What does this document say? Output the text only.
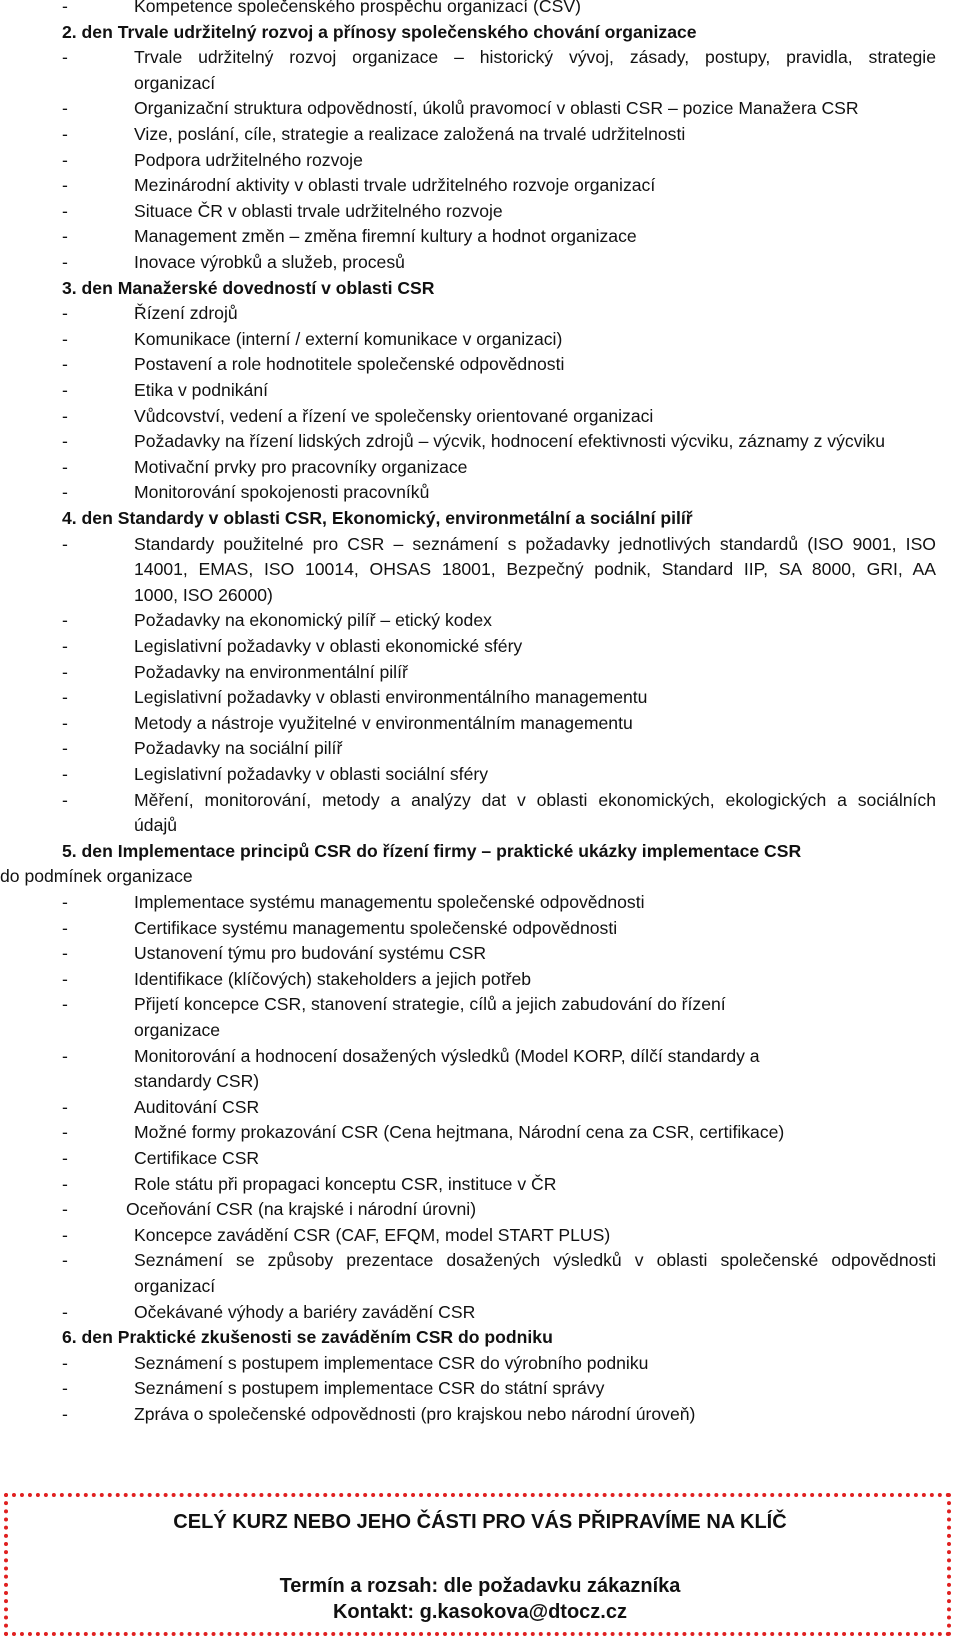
-	Kompetence společenského prospěchu organizací (CSV)
2. den Trvale udržitelný rozvoj a přínosy společenského chování organizace
-	Trvale udržitelný rozvoj organizace – historický vývoj, zásady, postupy, pravidla, strategie
organizací
-	Organizační struktura odpovědností, úkolů pravomocí v oblasti CSR – pozice Manažera CSR
-	Vize, poslání, cíle, strategie a realizace založená na trvalé udržitelnosti
-	Podpora udržitelného rozvoje
-	Mezinárodní aktivity v oblasti trvale udržitelného rozvoje organizací
-	Situace ČR v oblasti trvale udržitelného rozvoje
-	Management změn – změna firemní kultury a hodnot organizace
-	Inovace výrobků a služeb, procesů
3. den Manažerské dovedností v oblasti CSR
-	Řízení zdrojů
-	Komunikace (interní / externí komunikace v organizaci)
-	Postavení a role hodnotitele společenské odpovědnosti
-	Etika v podnikání
-	Vůdcovství, vedení a řízení ve společensky orientované organizaci
-	Požadavky na řízení lidských zdrojů – výcvik, hodnocení efektivnosti výcviku, záznamy z výcviku
-	Motivační prvky pro pracovníky organizace
-	Monitorování spokojenosti pracovníků
4. den Standardy v oblasti CSR, Ekonomický, environmetální a sociální pilíř
-	Standardy použitelné pro CSR – seznámení s požadavky jednotlivých standardů (ISO 9001, ISO
14001, EMAS, ISO 10014, OHSAS 18001, Bezpečný podnik, Standard IIP, SA 8000, GRI, AA
1000, ISO 26000)
-	Požadavky na ekonomický pilíř – etický kodex
-	Legislativní požadavky v oblasti ekonomické sféry
-	Požadavky na environmentální pilíř
-	Legislativní požadavky v oblasti environmentálního managementu
-	Metody a nástroje využitelné v environmentálním managementu
-	Požadavky na sociální pilíř
-	Legislativní požadavky v oblasti sociální sféry
-	Měření, monitorování, metody a analýzy dat v oblasti ekonomických, ekologických a sociálních
údajů
5. den Implementace principů CSR do řízení firmy – praktické ukázky implementace CSR
do podmínek organizace
-	Implementace systému managementu společenské odpovědnosti
-	Certifikace systému managementu společenské odpovědnosti
-	Ustanovení týmu pro budování systému CSR
-	Identifikace (klíčových) stakeholders a jejich potřeb
-	Přijetí koncepce CSR, stanovení strategie, cílů a jejich zabudování do řízení
organizace
-	Monitorování a hodnocení dosažených výsledků (Model KORP, dílčí standardy a
standardy CSR)
-	Auditování CSR
-	Možné formy prokazování CSR (Cena hejtmana, Národní cena za CSR, certifikace)
-	Certifikace CSR
-	Role státu při propagaci konceptu CSR, instituce v ČR
-	Oceňování CSR (na krajské i národní úrovni)
-	Koncepce zavádění CSR (CAF, EFQM, model START PLUS)
-	Seznámení se způsoby prezentace dosažených výsledků v oblasti společenské odpovědnosti
organizací
-	Očekávané výhody a bariéry zavádění CSR
6. den Praktické zkušenosti se zaváděním CSR do podniku
-	Seznámení s postupem implementace CSR do výrobního podniku
-	Seznámení s postupem implementace CSR do státní správy
-	Zpráva o společenské odpovědnosti (pro krajskou nebo národní úroveň)
CELÝ KURZ NEBO JEHO ČÁSTI PRO VÁS PŘIPRAVÍME NA KLÍČ
Termín a rozsah: dle požadavku zákazníka
Kontakt: g.kasokova@dtocz.cz
